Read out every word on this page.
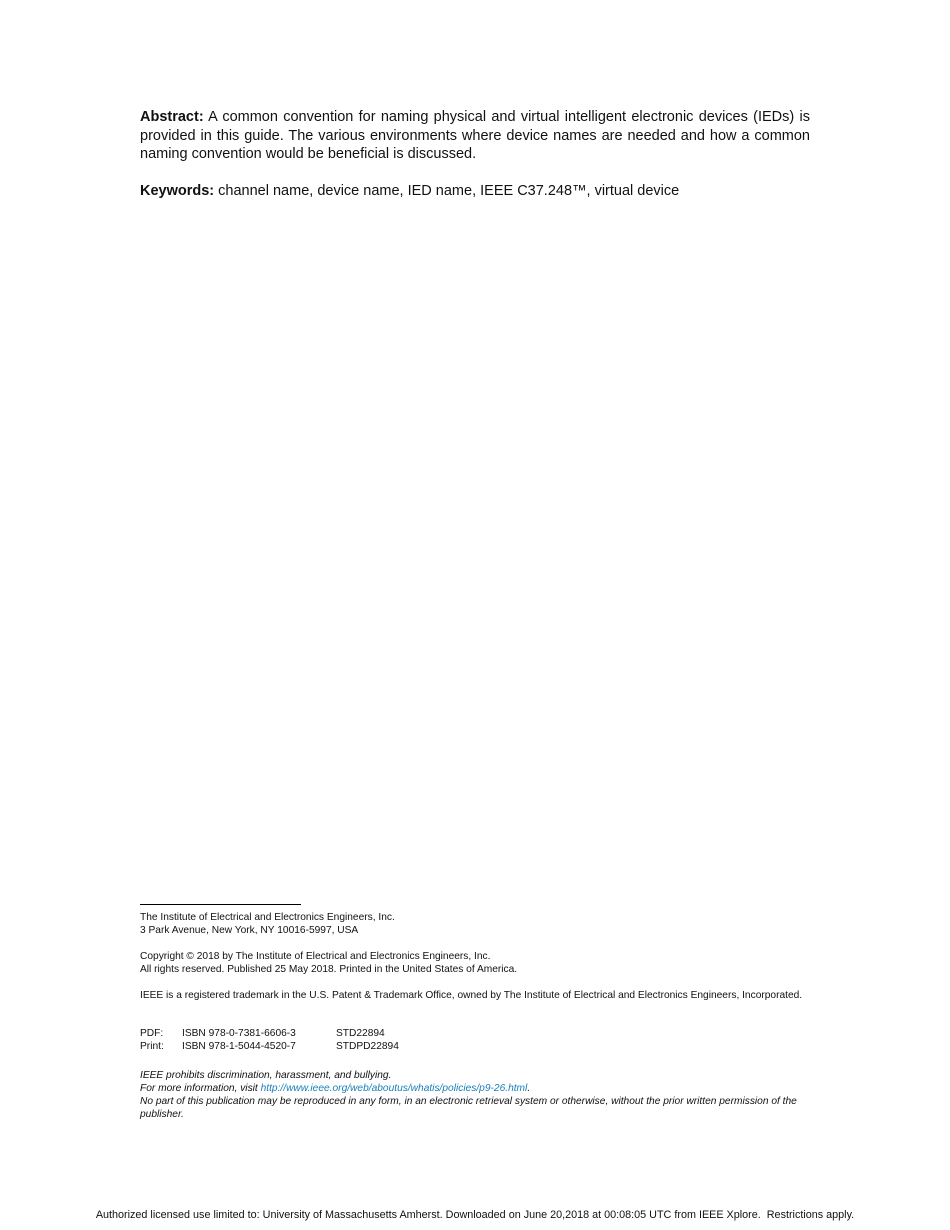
Abstract: A common convention for naming physical and virtual intelligent electronic devices (IEDs) is provided in this guide. The various environments where device names are needed and how a common naming convention would be beneficial is discussed.

Keywords: channel name, device name, IED name, IEEE C37.248™, virtual device

The Institute of Electrical and Electronics Engineers, Inc.

3 Park Avenue, New York, NY 10016-5997, USA

Copyright © 2018 by The Institute of Electrical and Electronics Engineers, Inc.

All rights reserved. Published 25 May 2018. Printed in the United States of America.

IEEE is a registered trademark in the U.S. Patent & Trademark Office, owned by The Institute of Electrical and Electronics Engineers, Incorporated.

PDF: ISBN 978-0-7381-6606-3	STD22894
Print: ISBN 978-1-5044-4520-7	STDPD22894

IEEE prohibits discrimination, harassment, and bullying.

For more information, visit http://www.ieee.org/web/aboutus/whatis/policies/p9-26.html.

No part of this publication may be reproduced in any form, in an electronic retrieval system or otherwise, without the prior written permission of the publisher.

Authorized licensed use limited to: University of Massachusetts Amherst. Downloaded on June 20,2018 at 00:08:05 UTC from IEEE Xplore.  Restrictions apply.
